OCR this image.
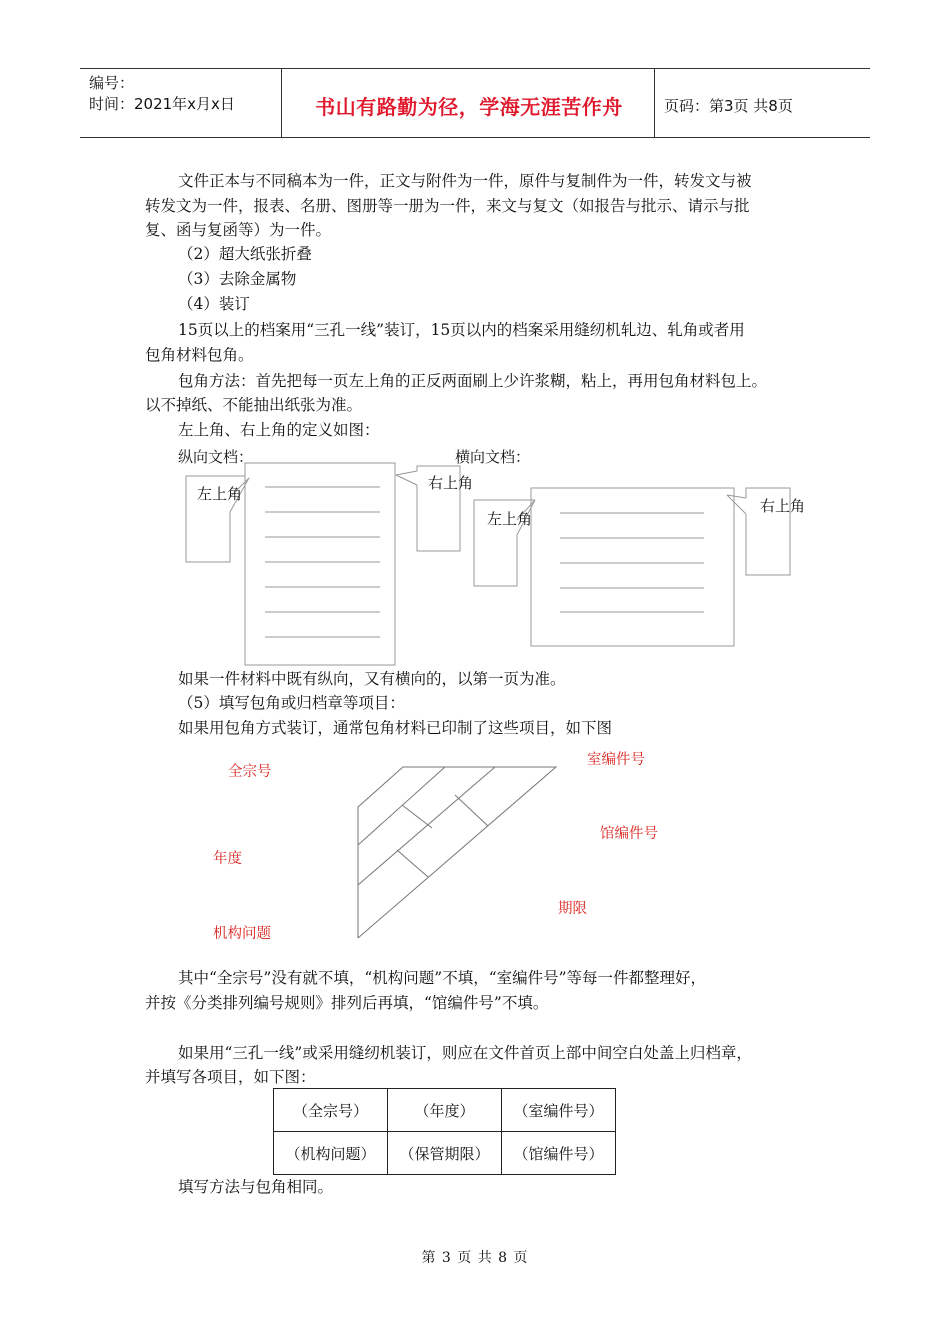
编号：
时间：2021年x月x日	书山有路勤为径，学海无涯苦作舟	页码：第3页 共8页
文件正本与不同稿本为一件，正文与附件为一件，原件与复制件为一件，转发文与被
转发文为一件，报表、名册、图册等一册为一件，来文与复文（如报告与批示、请示与批
复、函与复函等）为一件。
（2）超大纸张折叠
（3）去除金属物
（4）装订
15页以上的档案用“三孔一线”装订，15页以内的档案采用缝纫机轧边、轧角或者用
包角材料包角。
包角方法：首先把每一页左上角的正反两面刷上少许浆糊，粘上，再用包角材料包上。
以不掉纸、不能抽出纸张为准。
左上角、右上角的定义如图：
纵向文档：	横向文档：
左上角
右上角
左上角
右上角
如果一件材料中既有纵向，又有横向的，以第一页为准。
（5）填写包角或归档章等项目：
如果用包角方式装订，通常包角材料已印制了这些项目，如下图
全宗号
年度
机构问题
室编件号
馆编件号
期限
其中“全宗号”没有就不填，“机构问题”不填，“室编件号”等每一件都整理好，
并按《分类排列编号规则》排列后再填，“馆编件号”不填。
如果用“三孔一线”或采用缝纫机装订，则应在文件首页上部中间空白处盖上归档章，
并填写各项目，如下图：
（全宗号）	（年度）	（室编件号）
（机构问题）	（保管期限）	（馆编件号）
填写方法与包角相同。
第 3 页 共 8 页
